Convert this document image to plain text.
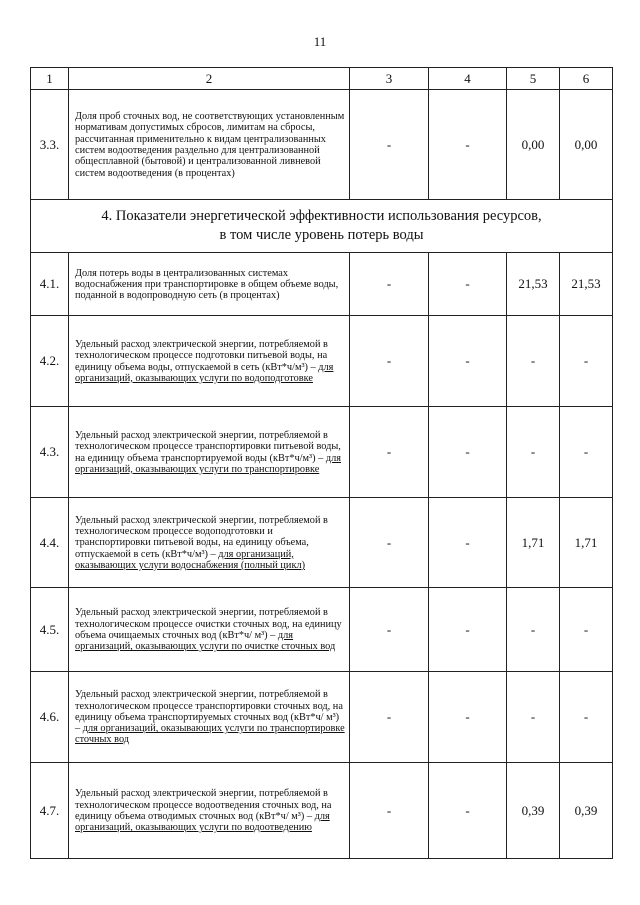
11
1	2	3	4	5	6
3.3.	Доля проб сточных вод, не соответствующих установленным нормативам допустимых сбросов, лимитам на сбросы, рассчитанная применительно к видам централизованных систем водоотведения раздельно для централизованной общесплавной (бытовой) и централизованной ливневой систем водоотведения (в процентах)	-	-	0,00	0,00
4. Показатели энергетической эффективности использования ресурсов,
в том числе уровень потерь воды					
4.1.	Доля потерь воды в централизованных системах водоснабжения при транспортировке в общем объеме воды, поданной в водопроводную сеть (в процентах)	-	-	21,53	21,53
4.2.	Удельный расход электрической энергии, потребляемой в технологическом процессе подготовки питьевой воды, на единицу объема воды, отпускаемой в сеть (кВт*ч/м³) – для организаций, оказывающих услуги по водоподготовке	-	-	-	-
4.3.	Удельный расход электрической энергии, потребляемой в технологическом процессе транспортировки питьевой воды, на единицу объема транспортируемой воды (кВт*ч/м³) – для организаций, оказывающих услуги по транспортировке	-	-	-	-
4.4.	Удельный расход электрической энергии, потребляемой в технологическом процессе водоподготовки и транспортировки питьевой воды, на единицу объема, отпускаемой в сеть (кВт*ч/м³) – для организаций, оказывающих услуги водоснабжения (полный цикл)	-	-	1,71	1,71
4.5.	Удельный расход электрической энергии, потребляемой в технологическом процессе очистки сточных вод, на единицу объема очищаемых сточных вод (кВт*ч/ м³) – для организаций, оказывающих услуги по очистке сточных вод	-	-	-	-
4.6.	Удельный расход электрической энергии, потребляемой в технологическом процессе транспортировки сточных вод, на единицу объема транспортируемых сточных вод (кВт*ч/ м³) – для организаций, оказывающих услуги по транспортировке сточных вод	-	-	-	-
4.7.	Удельный расход электрической энергии, потребляемой в технологическом процессе водоотведения сточных вод, на единицу объема отводимых сточных вод (кВт*ч/ м³) – для организаций, оказывающих услуги по водоотведению	-	-	0,39	0,39
